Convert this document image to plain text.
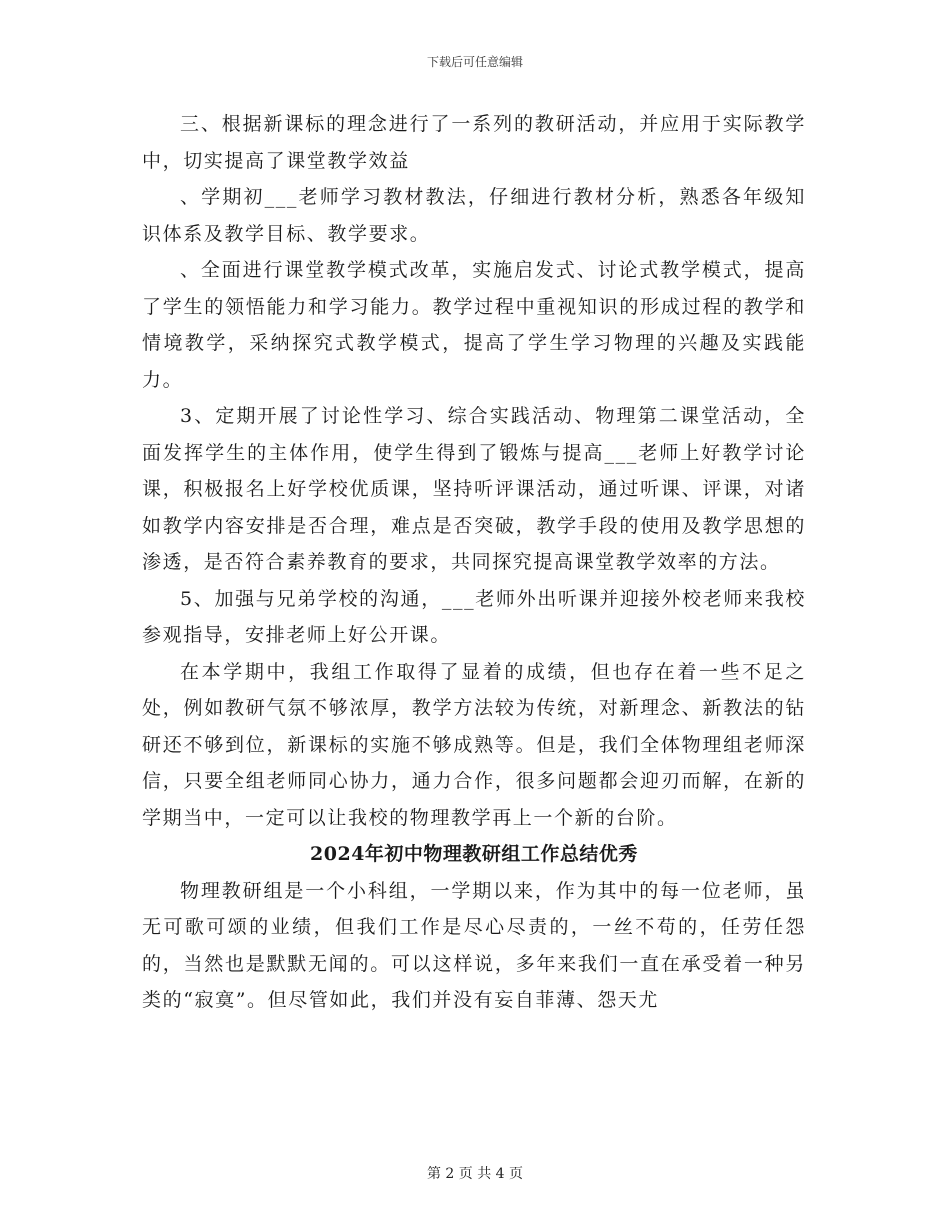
下载后可任意编辑

三、根据新课标的理念进行了一系列的教研活动，并应用于实际教学中，切实提高了课堂教学效益

、学期初___老师学习教材教法，仔细进行教材分析，熟悉各年级知识体系及教学目标、教学要求。

、全面进行课堂教学模式改革，实施启发式、讨论式教学模式，提高了学生的领悟能力和学习能力。教学过程中重视知识的形成过程的教学和情境教学，采纳探究式教学模式，提高了学生学习物理的兴趣及实践能力。

3、定期开展了讨论性学习、综合实践活动、物理第二课堂活动，全面发挥学生的主体作用，使学生得到了锻炼与提高___老师上好教学讨论课，积极报名上好学校优质课，坚持听评课活动，通过听课、评课，对诸如教学内容安排是否合理，难点是否突破，教学手段的使用及教学思想的渗透，是否符合素养教育的要求，共同探究提高课堂教学效率的方法。

5、加强与兄弟学校的沟通，___老师外出听课并迎接外校老师来我校参观指导，安排老师上好公开课。

在本学期中，我组工作取得了显着的成绩，但也存在着一些不足之处，例如教研气氛不够浓厚，教学方法较为传统，对新理念、新教法的钻研还不够到位，新课标的实施不够成熟等。但是，我们全体物理组老师深信，只要全组老师同心协力，通力合作，很多问题都会迎刃而解，在新的学期当中，一定可以让我校的物理教学再上一个新的台阶。

2024年初中物理教研组工作总结优秀

物理教研组是一个小科组，一学期以来，作为其中的每一位老师，虽无可歌可颂的业绩，但我们工作是尽心尽责的，一丝不苟的，任劳任怨的，当然也是默默无闻的。可以这样说，多年来我们一直在承受着一种另类的“寂寞”。但尽管如此，我们并没有妄自菲薄、怨天尤

第 2 页 共 4 页
